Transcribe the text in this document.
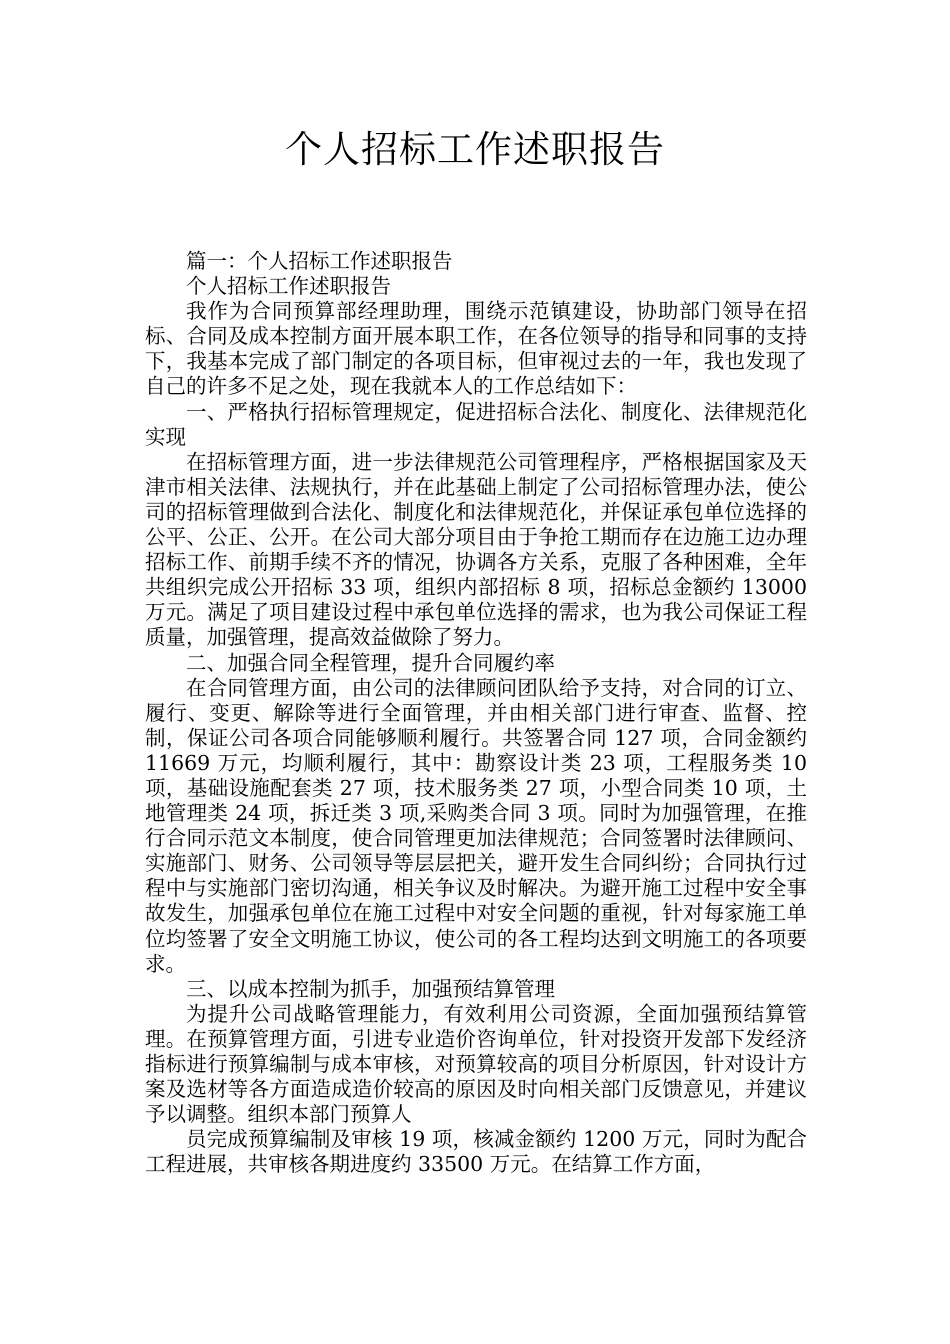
个人招标工作述职报告

篇一：个人招标工作述职报告

个人招标工作述职报告

我作为合同预算部经理助理，围绕示范镇建设，协助部门领导在招标、合同及成本控制方面开展本职工作，在各位领导的指导和同事的支持下，我基本完成了部门制定的各项目标，但审视过去的一年，我也发现了自己的许多不足之处，现在我就本人的工作总结如下：

一、严格执行招标管理规定，促进招标合法化、制度化、法律规范化实现

在招标管理方面，进一步法律规范公司管理程序，严格根据国家及天津市相关法律、法规执行，并在此基础上制定了公司招标管理办法，使公司的招标管理做到合法化、制度化和法律规范化，并保证承包单位选择的公平、公正、公开。在公司大部分项目由于争抢工期而存在边施工边办理招标工作、前期手续不齐的情况，协调各方关系，克服了各种困难，全年共组织完成公开招标 33 项，组织内部招标 8 项，招标总金额约 13000 万元。满足了项目建设过程中承包单位选择的需求，也为我公司保证工程质量，加强管理，提高效益做除了努力。

二、加强合同全程管理，提升合同履约率

在合同管理方面，由公司的法律顾问团队给予支持，对合同的订立、履行、变更、解除等进行全面管理，并由相关部门进行审查、监督、控制，保证公司各项合同能够顺利履行。共签署合同 127 项，合同金额约 11669 万元，均顺利履行，其中：勘察设计类 23 项，工程服务类 10 项，基础设施配套类 27 项，技术服务类 27 项，小型合同类 10 项，土地管理类 24 项，拆迁类 3 项,采购类合同 3 项。同时为加强管理，在推行合同示范文本制度，使合同管理更加法律规范；合同签署时法律顾问、实施部门、财务、公司领导等层层把关，避开发生合同纠纷；合同执行过程中与实施部门密切沟通，相关争议及时解决。为避开施工过程中安全事故发生，加强承包单位在施工过程中对安全问题的重视，针对每家施工单位均签署了安全文明施工协议，使公司的各工程均达到文明施工的各项要求。

三、以成本控制为抓手，加强预结算管理

为提升公司战略管理能力，有效利用公司资源，全面加强预结算管理。在预算管理方面，引进专业造价咨询单位，针对投资开发部下发经济指标进行预算编制与成本审核，对预算较高的项目分析原因，针对设计方案及选材等各方面造成造价较高的原因及时向相关部门反馈意见，并建议予以调整。组织本部门预算人

员完成预算编制及审核 19 项，核减金额约 1200 万元，同时为配合工程进展，共审核各期进度约 33500 万元。在结算工作方面，
